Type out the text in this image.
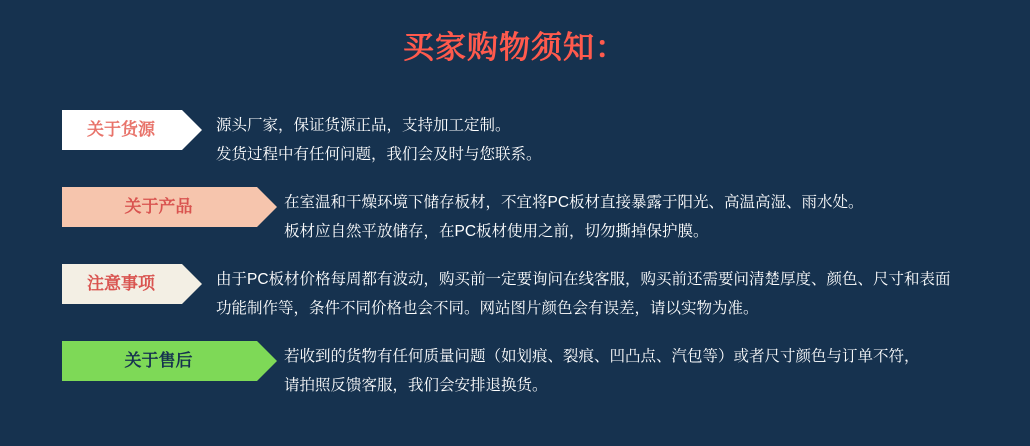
买家购物须知：
关于货源	源头厂家，保证货源正品，支持加工定制。

发货过程中有任何问题，我们会及时与您联系。

关于产品	在室温和干燥环境下储存板材，不宜将PC板材直接暴露于阳光、高温高湿、雨水处。

板材应自然平放储存，在PC板材使用之前，切勿撕掉保护膜。

注意事项	由于PC板材价格每周都有波动，购买前一定要询问在线客服，购买前还需要问清楚厚度、颜色、尺寸和表面

功能制作等，条件不同价格也会不同。网站图片颜色会有误差，请以实物为准。

关于售后	若收到的货物有任何质量问题（如划痕、裂痕、凹凸点、汽包等）或者尺寸颜色与订单不符，

请拍照反馈客服，我们会安排退换货。
